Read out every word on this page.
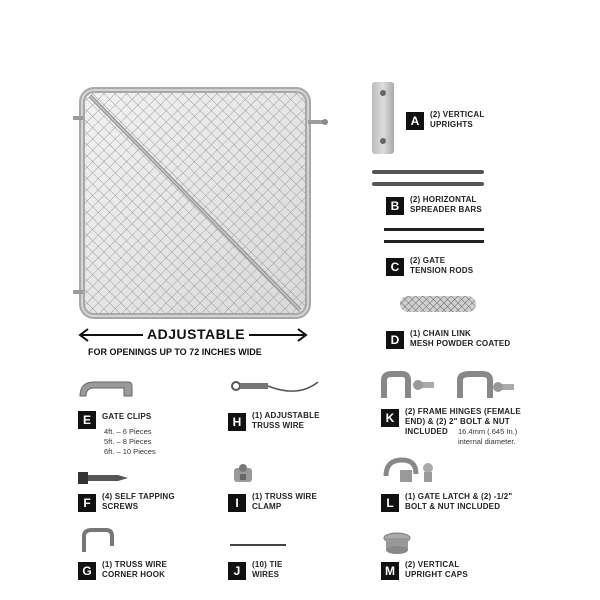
ADJUSTABLE
FOR OPENINGS UP TO 72 INCHES WIDE
A	(2) VERTICAL
UPRIGHTS
B	(2) HORIZONTAL
SPREADER BARS
C	(2) GATE
TENSION RODS
D	(1) CHAIN LINK
MESH POWDER COATED
E	GATE CLIPS
4ft. – 6 Pieces
5ft. – 8 Pieces
6ft. – 10 Pieces
H	(1) ADJUSTABLE
TRUSS WIRE
K	(2) FRAME HINGES (FEMALE
END) & (2) 2" BOLT & NUT
INCLUDED	16.4mm (.645 In.)
internal diameter.
F	(4) SELF TAPPING
SCREWS	I	(1) TRUSS WIRE
CLAMP	L	(1) GATE LATCH & (2) -1/2"
BOLT & NUT INCLUDED
G	(1) TRUSS WIRE
CORNER HOOK	J	(10) TIE
WIRES	M	(2) VERTICAL
UPRIGHT CAPS
